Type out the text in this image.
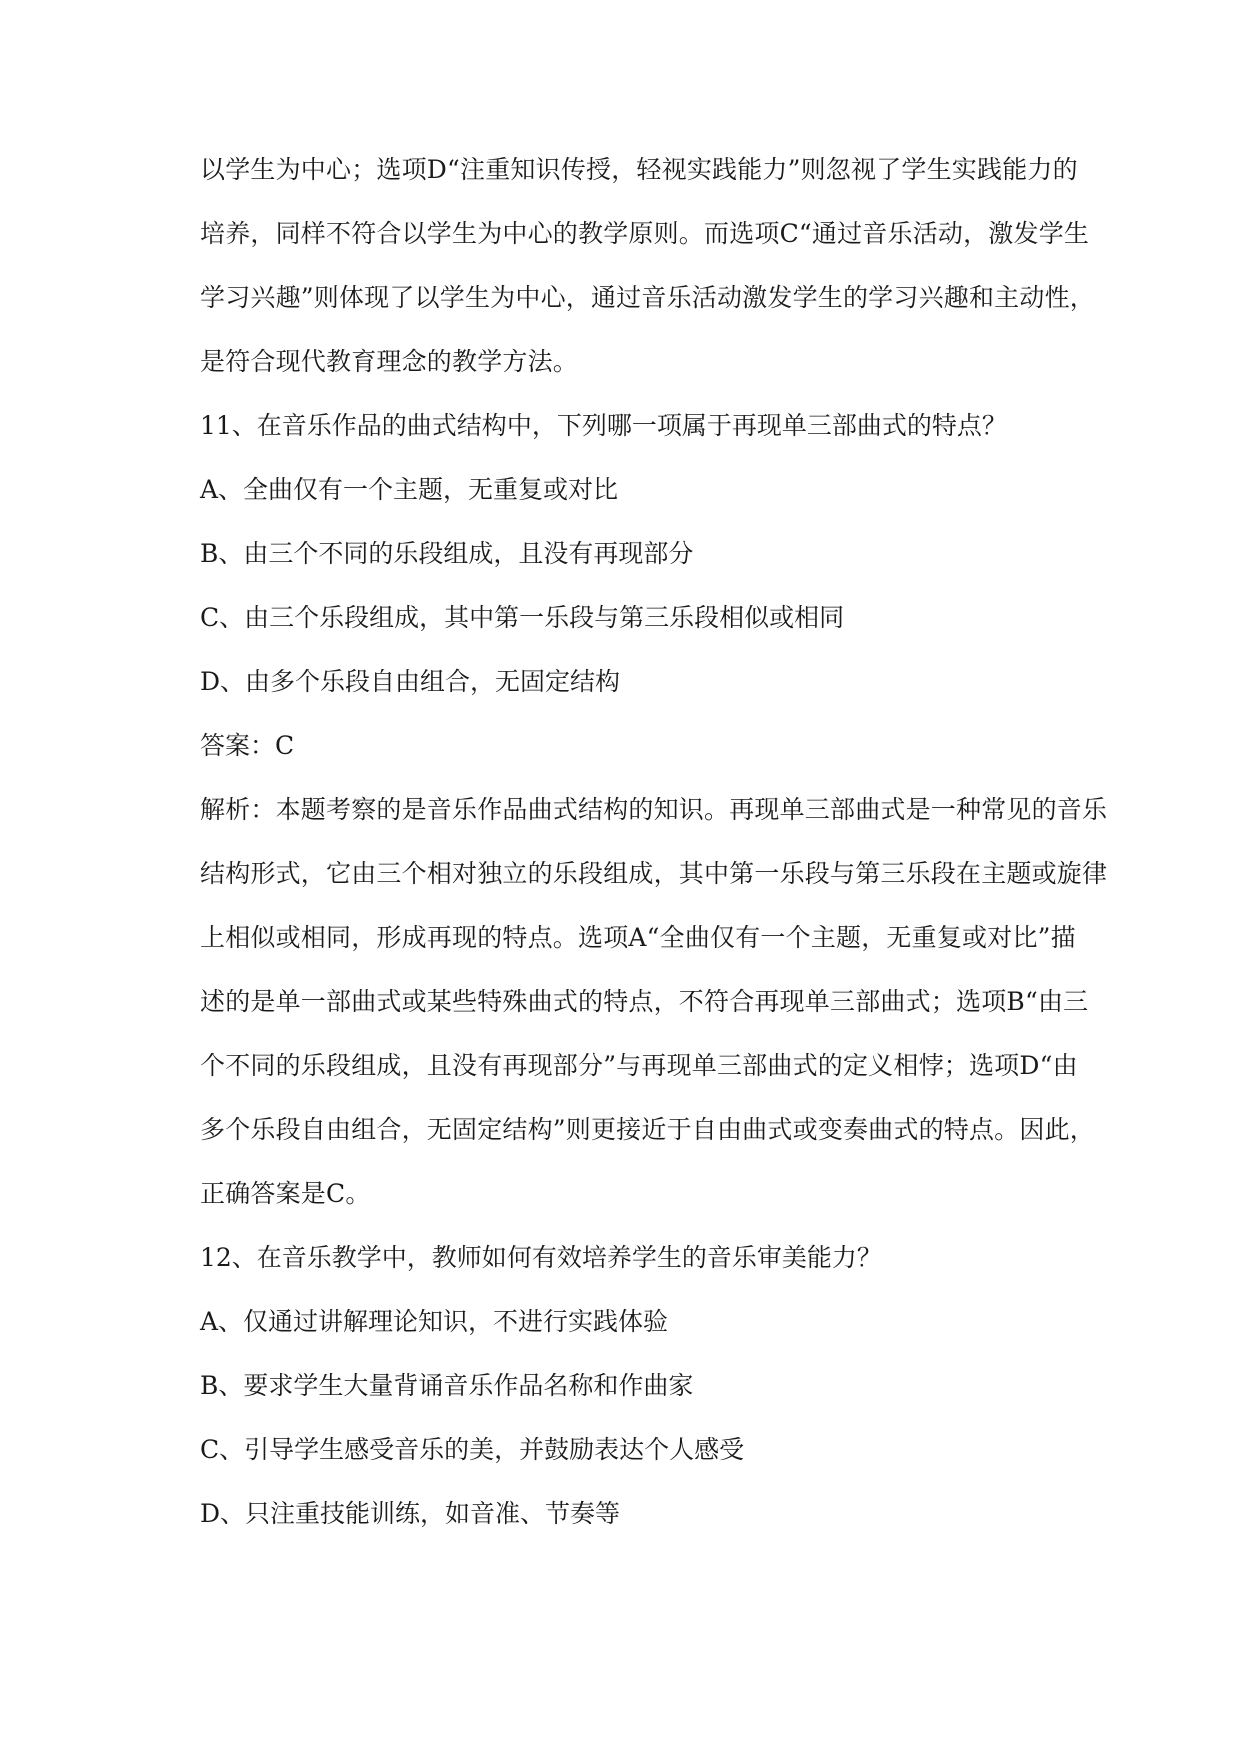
以学生为中心；选项D“注重知识传授，轻视实践能力”则忽视了学生实践能力的
培养，同样不符合以学生为中心的教学原则。而选项C“通过音乐活动，激发学生
学习兴趣”则体现了以学生为中心，通过音乐活动激发学生的学习兴趣和主动性，
是符合现代教育理念的教学方法。
11、在音乐作品的曲式结构中，下列哪一项属于再现单三部曲式的特点？
A、全曲仅有一个主题，无重复或对比
B、由三个不同的乐段组成，且没有再现部分
C、由三个乐段组成，其中第一乐段与第三乐段相似或相同
D、由多个乐段自由组合，无固定结构
答案：C
解析：本题考察的是音乐作品曲式结构的知识。再现单三部曲式是一种常见的音乐
结构形式，它由三个相对独立的乐段组成，其中第一乐段与第三乐段在主题或旋律
上相似或相同，形成再现的特点。选项A“全曲仅有一个主题，无重复或对比”描
述的是单一部曲式或某些特殊曲式的特点，不符合再现单三部曲式；选项B“由三
个不同的乐段组成，且没有再现部分”与再现单三部曲式的定义相悖；选项D“由
多个乐段自由组合，无固定结构”则更接近于自由曲式或变奏曲式的特点。因此，
正确答案是C。
12、在音乐教学中，教师如何有效培养学生的音乐审美能力？
A、仅通过讲解理论知识，不进行实践体验
B、要求学生大量背诵音乐作品名称和作曲家
C、引导学生感受音乐的美，并鼓励表达个人感受
D、只注重技能训练，如音准、节奏等
